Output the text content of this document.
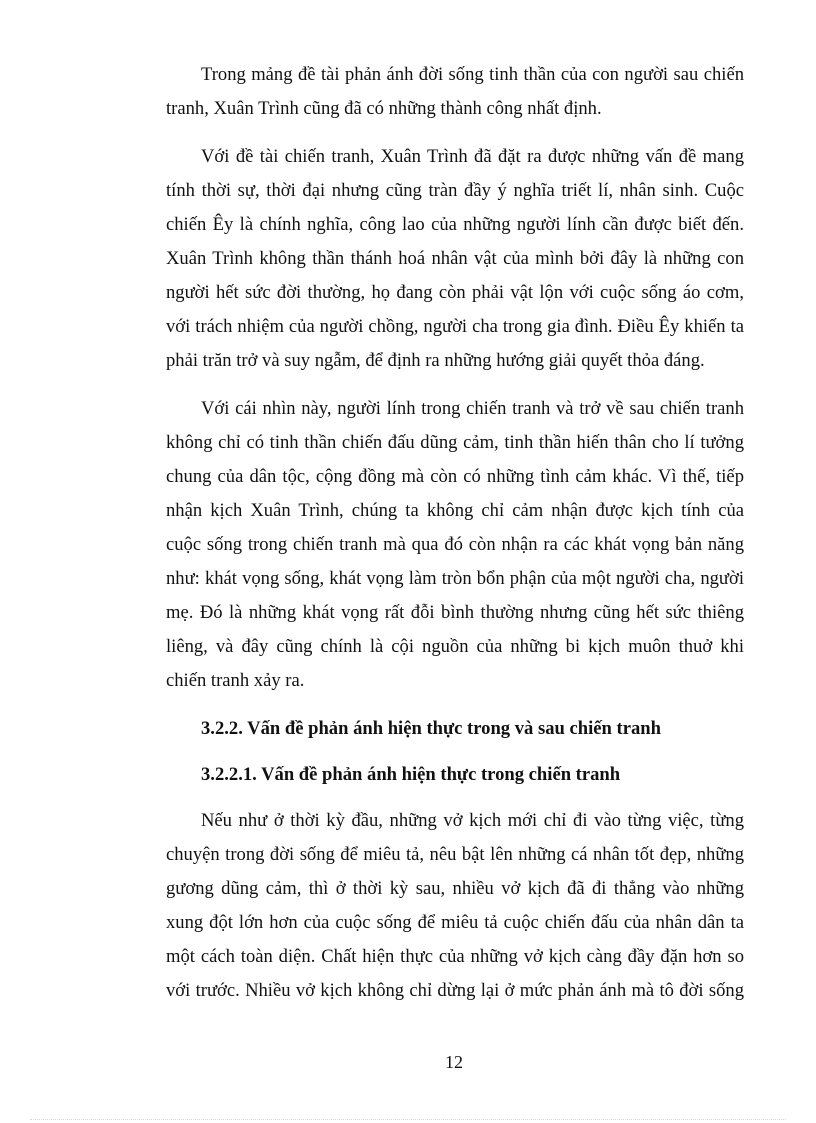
Trong mảng đề tài phản ánh đời sống tinh thần của con người sau chiến
tranh, Xuân Trình cũng đã có những thành công nhất định.

Với đề tài chiến tranh, Xuân Trình đã đặt ra được những vấn đề mang
tính thời sự, thời đại nhưng cũng tràn đầy ý nghĩa triết lí, nhân sinh. Cuộc
chiến Êy là chính nghĩa, công lao của những người lính cần được biết đến.
Xuân Trình không thần thánh hoá nhân vật của mình bởi đây là những con
người hết sức đời thường, họ đang còn phải vật lộn với cuộc sống áo cơm,
với trách nhiệm của người chồng, người cha trong gia đình. Điều Êy khiến ta
phải trăn trở và suy ngẫm, để định ra những hướng giải quyết thỏa đáng.

Với cái nhìn này, người lính trong chiến tranh và trở về sau chiến tranh
không chỉ có tinh thần chiến đấu dũng cảm, tinh thần hiến thân cho lí tưởng
chung của dân tộc, cộng đồng mà còn có những tình cảm khác. Vì thế, tiếp
nhận kịch Xuân Trình, chúng ta không chỉ cảm nhận được kịch tính của
cuộc sống trong chiến tranh mà qua đó còn nhận ra các khát vọng bản năng
như: khát vọng sống, khát vọng làm tròn bổn phận của một người cha, người
mẹ. Đó là những khát vọng rất đỗi bình thường nhưng cũng hết sức thiêng
liêng, và đây cũng chính là cội nguồn của những bi kịch muôn thuở khi
chiến tranh xảy ra.

3.2.2. Vấn đề phản ánh hiện thực trong và sau chiến tranh
3.2.2.1. Vấn đề phản ánh hiện thực trong chiến tranh

Nếu như ở thời kỳ đầu, những vở kịch mới chỉ đi vào từng việc, từng
chuyện trong đời sống để miêu tả, nêu bật lên những cá nhân tốt đẹp, những
gương dũng cảm, thì ở thời kỳ sau, nhiều vở kịch đã đi thẳng vào những
xung đột lớn hơn của cuộc sống để miêu tả cuộc chiến đấu của nhân dân ta
một cách toàn diện. Chất hiện thực của những vở kịch càng đầy đặn hơn so
với trước. Nhiều vở kịch không chỉ dừng lại ở mức phản ánh mà tô đời sống

12
